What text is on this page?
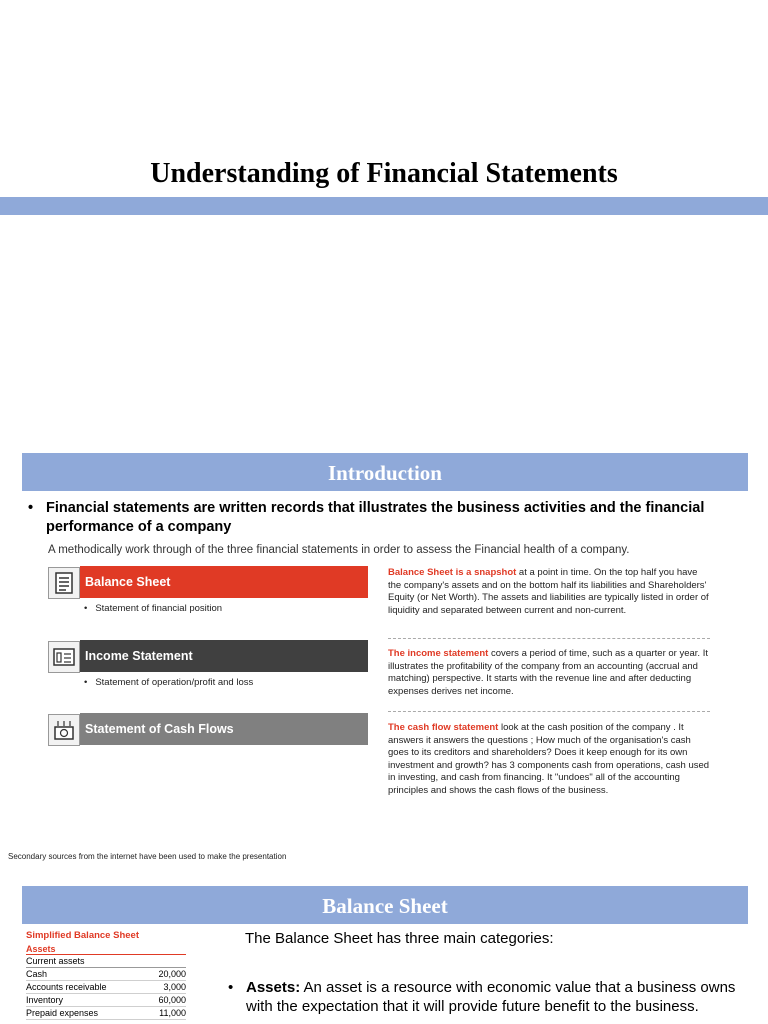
Understanding of Financial Statements
Introduction
• Financial statements are written records that illustrates the business activities and the financial performance of a company
A methodically work through of the three financial statements in order to assess the Financial health of a company.
Balance Sheet
• Statement of financial position
Balance Sheet is a snapshot at a point in time. On the top half you have the company's assets and on the bottom half its liabilities and Shareholders' Equity (or Net Worth). The assets and liabilities are typically listed in order of liquidity and separated between current and non-current.
Income Statement
• Statement of operation/profit and loss
The income statement covers a period of time, such as a quarter or year. It illustrates the profitability of the company from an accounting (accrual and matching) perspective. It starts with the revenue line and after deducting expenses derives net income.
Statement of Cash Flows	The cash flow statement look at the cash position of the company . It answers it answers the questions ; How much of the organisation's cash goes to its creditors and shareholders? Does it keep enough for its own investment and growth? has 3 components cash from operations, cash used in investing, and cash from financing. It "undoes" all of the accounting principles and shows the cash flows of the business.
Secondary sources from the internet have been used to make the presentation
Balance Sheet
Simplified Balance Sheet
Assets
Current assets
Cash	20,000
Accounts receivable	3,000
Inventory	60,000
Prepaid expenses	11,000
The Balance Sheet has three main categories:
• Assets: An asset is a resource with economic value that a business owns with the expectation that it will provide future benefit to the business.
